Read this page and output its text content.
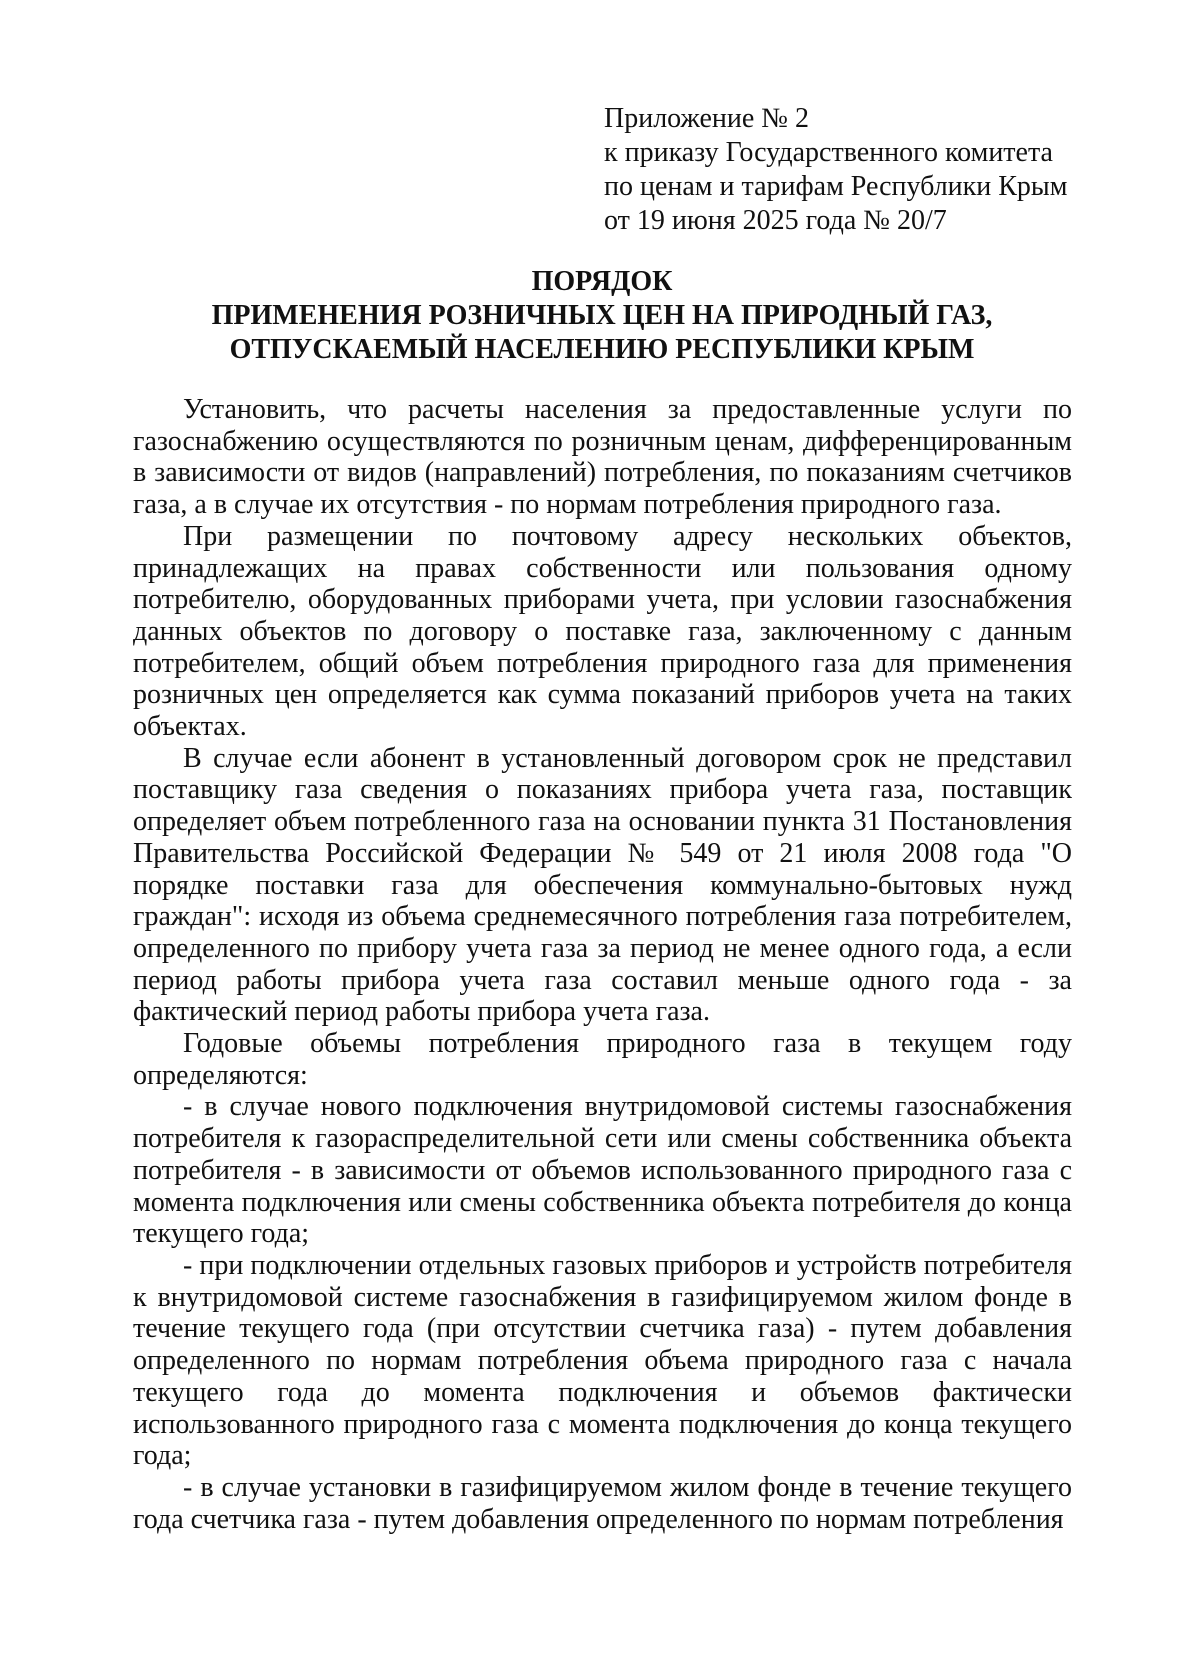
Приложение № 2
к приказу Государственного комитета
по ценам и тарифам Республики Крым
от 19 июня 2025 года № 20/7
ПОРЯДОК
ПРИМЕНЕНИЯ РОЗНИЧНЫХ ЦЕН НА ПРИРОДНЫЙ ГАЗ,
ОТПУСКАЕМЫЙ НАСЕЛЕНИЮ РЕСПУБЛИКИ КРЫМ

Установить, что расчеты населения за предоставленные услуги по газоснабжению осуществляются по розничным ценам, дифференцированным в зависимости от видов (направлений) потребления, по показаниям счетчиков газа, а в случае их отсутствия - по нормам потребления природного газа.

При размещении по почтовому адресу нескольких объектов, принадлежащих на правах собственности или пользования одному потребителю, оборудованных приборами учета, при условии газоснабжения данных объектов по договору о поставке газа, заключенному с данным потребителем, общий объем потребления природного газа для применения розничных цен определяется как сумма показаний приборов учета на таких объектах.

В случае если абонент в установленный договором срок не представил поставщику газа сведения о показаниях прибора учета газа, поставщик определяет объем потребленного газа на основании пункта 31 Постановления Правительства Российской Федерации № 549 от 21 июля 2008 года "О порядке поставки газа для обеспечения коммунально-бытовых нужд граждан": исходя из объема среднемесячного потребления газа потребителем, определенного по прибору учета газа за период не менее одного года, а если период работы прибора учета газа составил меньше одного года - за фактический период работы прибора учета газа.

Годовые объемы потребления природного газа в текущем году определяются:

- в случае нового подключения внутридомовой системы газоснабжения потребителя к газораспределительной сети или смены собственника объекта потребителя - в зависимости от объемов использованного природного газа с момента подключения или смены собственника объекта потребителя до конца текущего года;

- при подключении отдельных газовых приборов и устройств потребителя к внутридомовой системе газоснабжения в газифицируемом жилом фонде в течение текущего года (при отсутствии счетчика газа) - путем добавления определенного по нормам потребления объема природного газа с начала текущего года до момента подключения и объемов фактически использованного природного газа с момента подключения до конца текущего года;

- в случае установки в газифицируемом жилом фонде в течение текущего года счетчика газа - путем добавления определенного по нормам потребления
